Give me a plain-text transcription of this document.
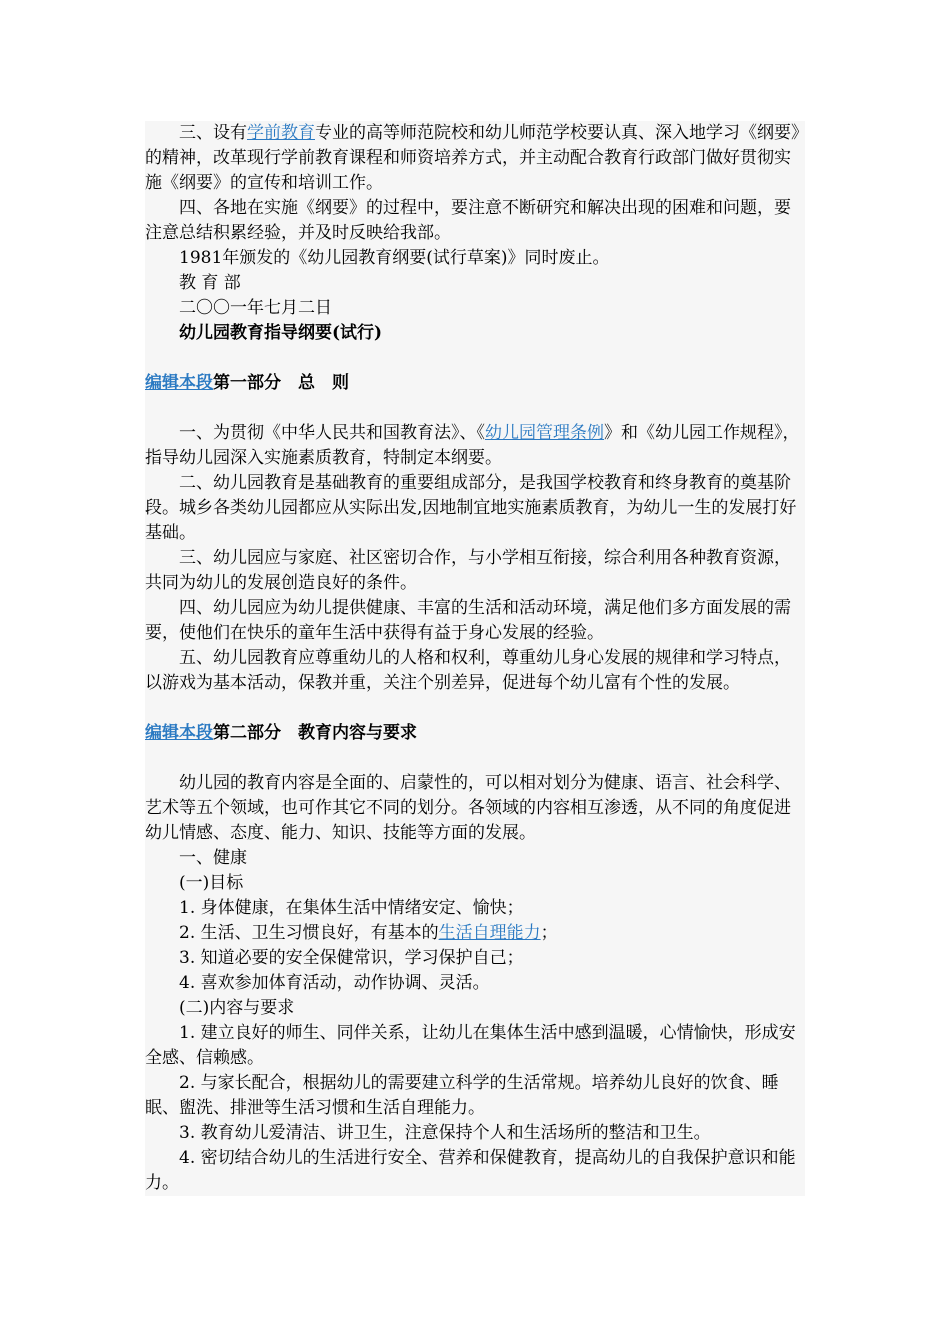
三、设有学前教育专业的高等师范院校和幼儿师范学校要认真、深入地学习《纲要》的精神，改革现行学前教育课程和师资培养方式，并主动配合教育行政部门做好贯彻实施《纲要》的宣传和培训工作。

四、各地在实施《纲要》的过程中，要注意不断研究和解决出现的困难和问题，要注意总结积累经验，并及时反映给我部。

1981年颁发的《幼儿园教育纲要(试行草案)》同时废止。

教 育 部

二〇〇一年七月二日

幼儿园教育指导纲要(试行)

编辑本段第一部分　总　则

一、为贯彻《中华人民共和国教育法》、《幼儿园管理条例》和《幼儿园工作规程》，指导幼儿园深入实施素质教育，特制定本纲要。

二、幼儿园教育是基础教育的重要组成部分，是我国学校教育和终身教育的奠基阶段。城乡各类幼儿园都应从实际出发,因地制宜地实施素质教育，为幼儿一生的发展打好基础。

三、幼儿园应与家庭、社区密切合作，与小学相互衔接，综合利用各种教育资源，共同为幼儿的发展创造良好的条件。

四、幼儿园应为幼儿提供健康、丰富的生活和活动环境，满足他们多方面发展的需要，使他们在快乐的童年生活中获得有益于身心发展的经验。

五、幼儿园教育应尊重幼儿的人格和权利，尊重幼儿身心发展的规律和学习特点，以游戏为基本活动，保教并重，关注个别差异，促进每个幼儿富有个性的发展。

编辑本段第二部分　教育内容与要求

幼儿园的教育内容是全面的、启蒙性的，可以相对划分为健康、语言、社会科学、艺术等五个领域，也可作其它不同的划分。各领域的内容相互渗透，从不同的角度促进幼儿情感、态度、能力、知识、技能等方面的发展。

一、健康

(一)目标

1. 身体健康，在集体生活中情绪安定、愉快；

2. 生活、卫生习惯良好，有基本的生活自理能力；

3. 知道必要的安全保健常识，学习保护自己；

4. 喜欢参加体育活动，动作协调、灵活。

(二)内容与要求

1. 建立良好的师生、同伴关系，让幼儿在集体生活中感到温暖，心情愉快，形成安全感、信赖感。

2. 与家长配合，根据幼儿的需要建立科学的生活常规。培养幼儿良好的饮食、睡眠、盥洗、排泄等生活习惯和生活自理能力。

3. 教育幼儿爱清洁、讲卫生，注意保持个人和生活场所的整洁和卫生。

4. 密切结合幼儿的生活进行安全、营养和保健教育，提高幼儿的自我保护意识和能力。
